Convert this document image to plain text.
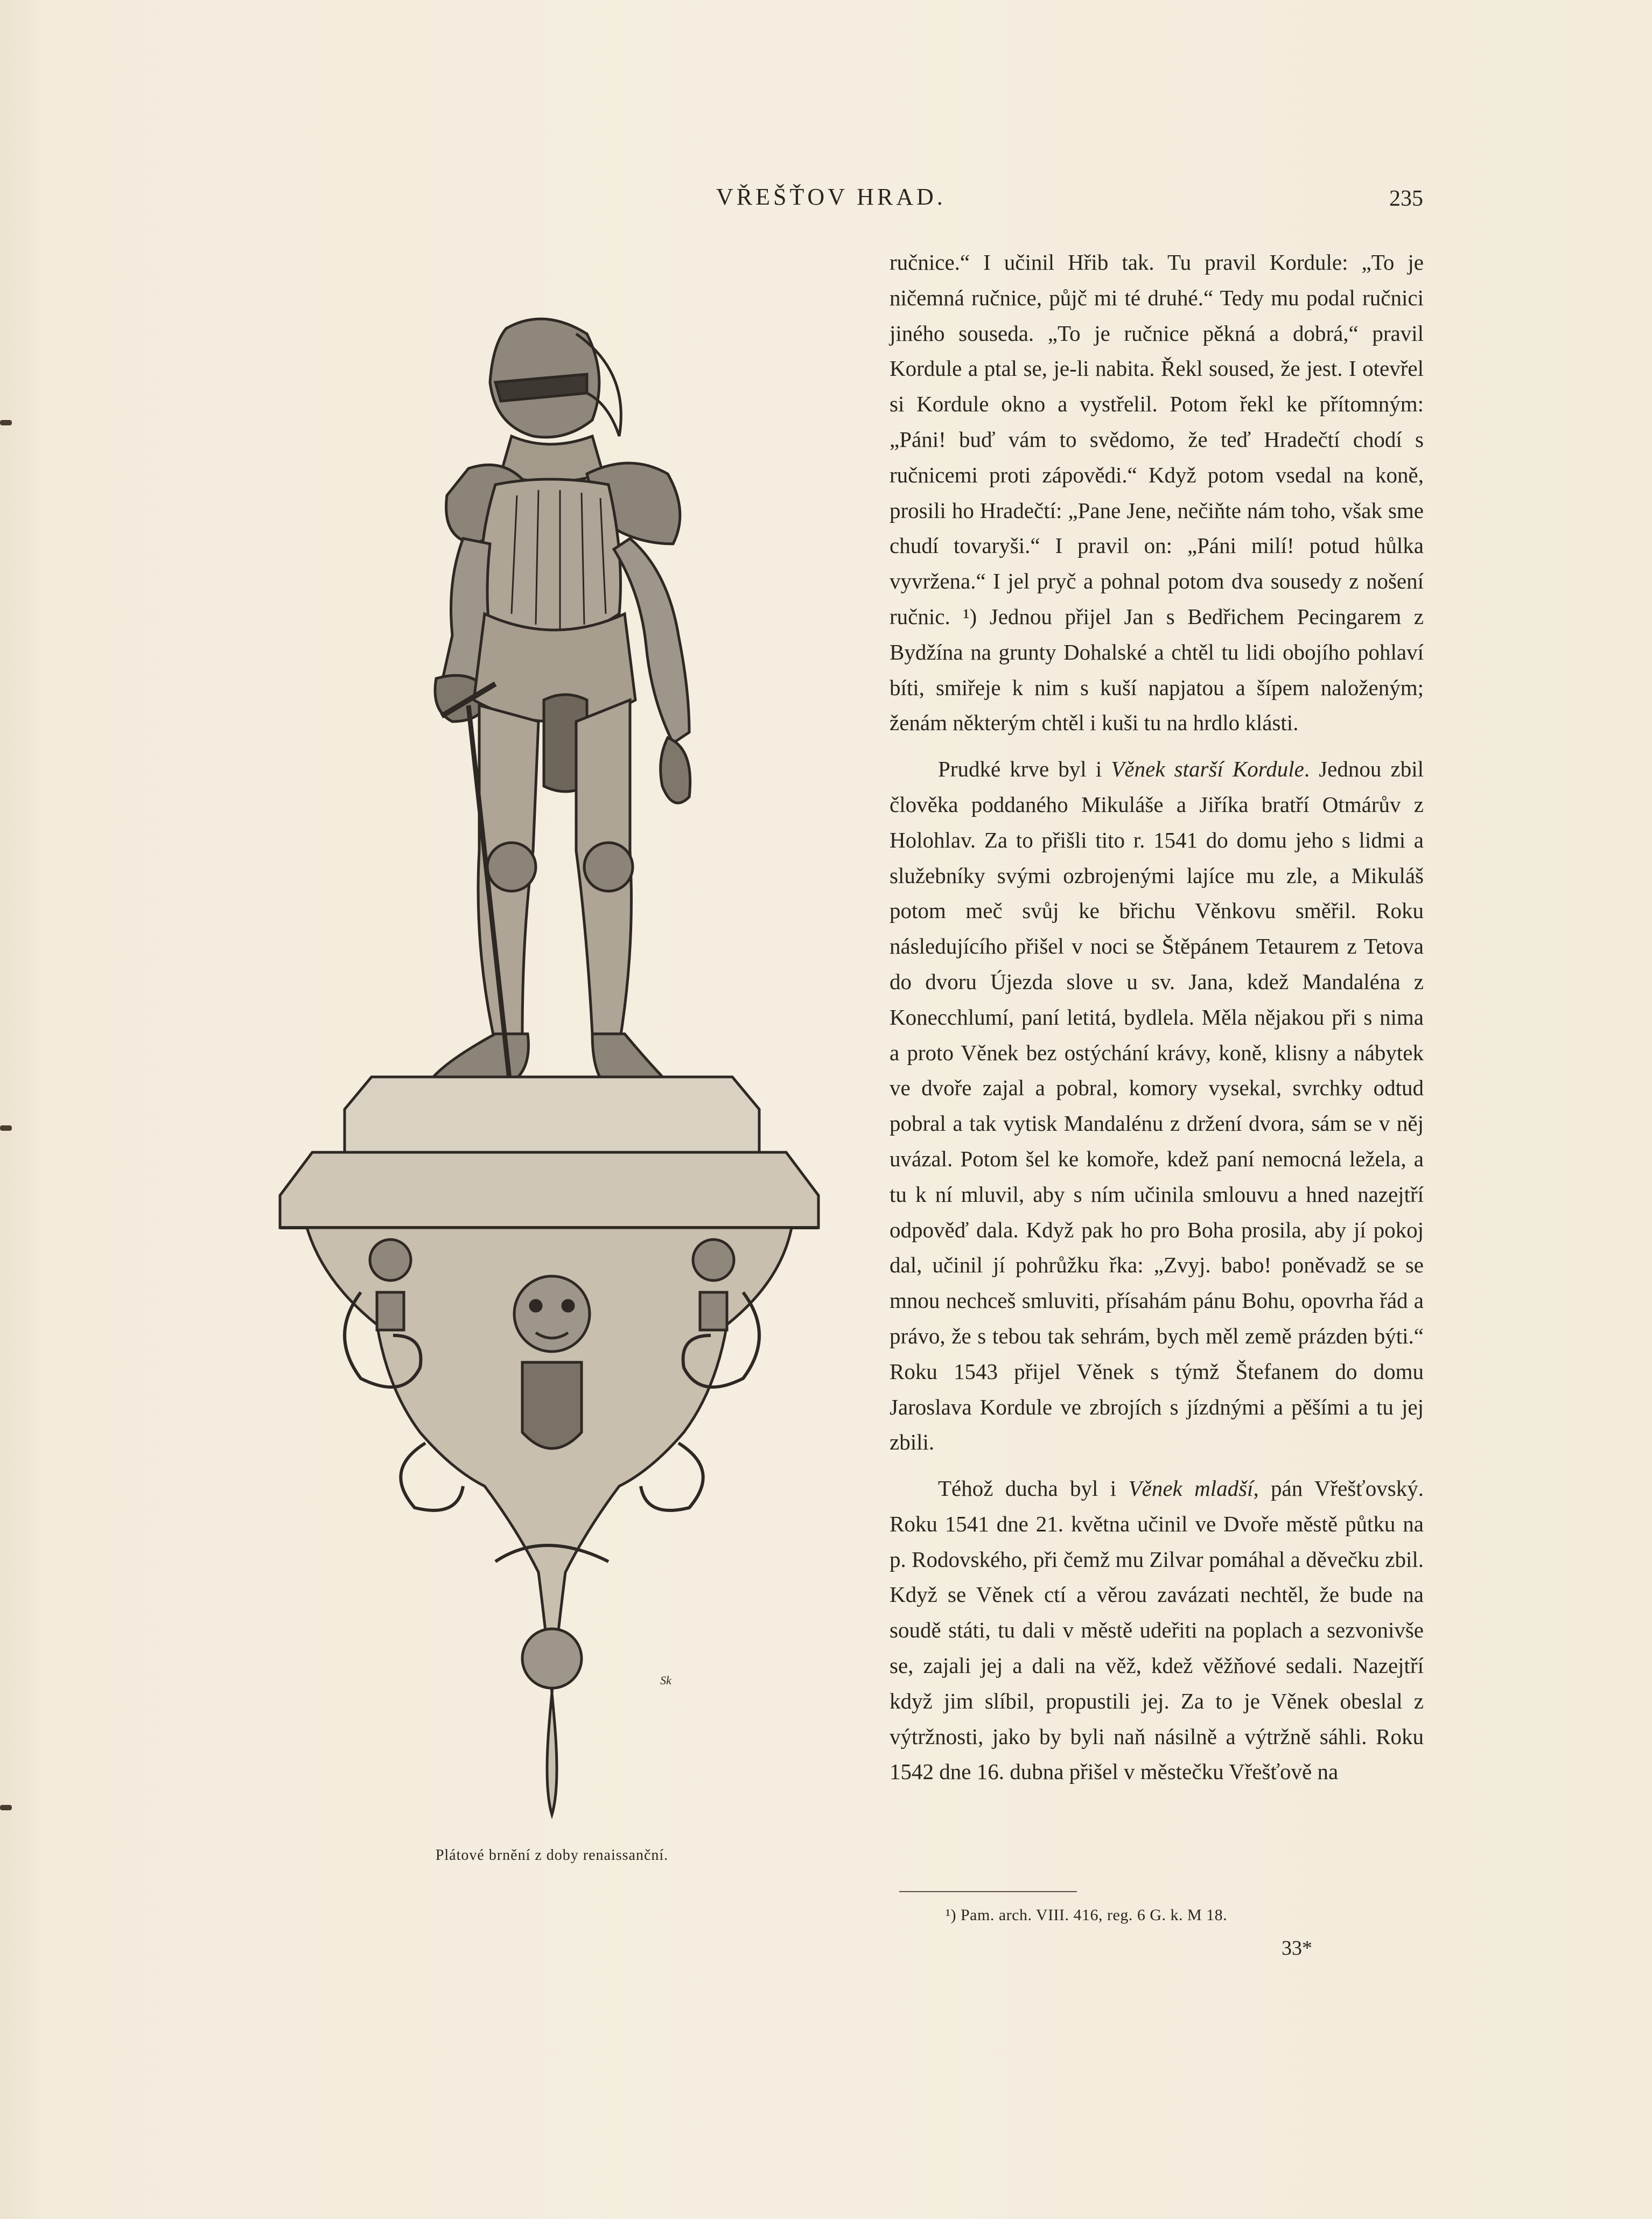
VŘEŠŤOV HRAD.	235
Sk
Plátové brnění z doby renaissanční.

ručnice.“ I učinil Hřib tak. Tu pravil Kordule: „To je ničemná ručnice, půjč mi té druhé.“ Tedy mu podal ručnici jiného souseda. „To je ručnice pěkná a dobrá,“ pravil Kordule a ptal se, je-li nabita. Řekl soused, že jest. I otevřel si Kordule okno a vystřelil. Potom řekl ke přítomným: „Páni! buď vám to svědomo, že teď Hradečtí chodí s ručnicemi proti zápovědi.“ Když potom vsedal na koně, prosili ho Hradečtí: „Pane Jene, nečiňte nám toho, však sme chudí tovaryši.“ I pravil on: „Páni milí! potud hůlka vyvržena.“ I jel pryč a pohnal potom dva sousedy z nošení ručnic. ¹) Jednou přijel Jan s Bedřichem Pecingarem z Bydžína na grunty Dohalské a chtěl tu lidi obojího pohlaví bíti, smiřeje k nim s kuší napjatou a šípem naloženým; ženám některým chtěl i kuši tu na hrdlo klásti.

Prudké krve byl i Věnek starší Kordule. Jednou zbil člověka poddaného Mikuláše a Jiříka bratří Otmárův z Holohlav. Za to přišli tito r. 1541 do domu jeho s lidmi a služebníky svými ozbrojenými lajíce mu zle, a Mikuláš potom meč svůj ke břichu Věnkovu směřil. Roku následujícího přišel v noci se Štěpánem Tetaurem z Tetova do dvoru Újezda slove u sv. Jana, kdež Mandaléna z Konecchlumí, paní letitá, bydlela. Měla nějakou při s nima a proto Věnek bez ostýchání krávy, koně, klisny a nábytek ve dvoře zajal a pobral, komory vysekal, svrchky odtud pobral a tak vytisk Mandalénu z držení dvora, sám se v něj uvázal. Potom šel ke komoře, kdež paní nemocná ležela, a tu k ní mluvil, aby s ním učinila smlouvu a hned nazejtří odpověď dala. Když pak ho pro Boha prosila, aby jí pokoj dal, učinil jí pohrůžku řka: „Zvyj. babo! poněvadž se se mnou nechceš smluviti, přísahám pánu Bohu, opovrha řád a právo, že s tebou tak sehrám, bych měl země prázden býti.“ Roku 1543 přijel Věnek s týmž Štefanem do domu Jaroslava Kordule ve zbrojích s jízdnými a pěšími a tu jej zbili.

Téhož ducha byl i Věnek mladší, pán Vřešťovský. Roku 1541 dne 21. května učinil ve Dvoře městě půtku na p. Rodovského, při čemž mu Zilvar pomáhal a děvečku zbil. Když se Věnek ctí a věrou zavázati nechtěl, že bude na soudě státi, tu dali v městě udeřiti na poplach a sezvonivše se, zajali jej a dali na věž, kdež věžňové sedali. Nazejtří když jim slíbil, propustili jej. Za to je Věnek obeslal z výtržnosti, jako by byli naň násilně a výtržně sáhli. Roku 1542 dne 16. dubna přišel v městečku Vřešťově na

¹) Pam. arch. VIII. 416, reg. 6 G. k. M 18.
33*
